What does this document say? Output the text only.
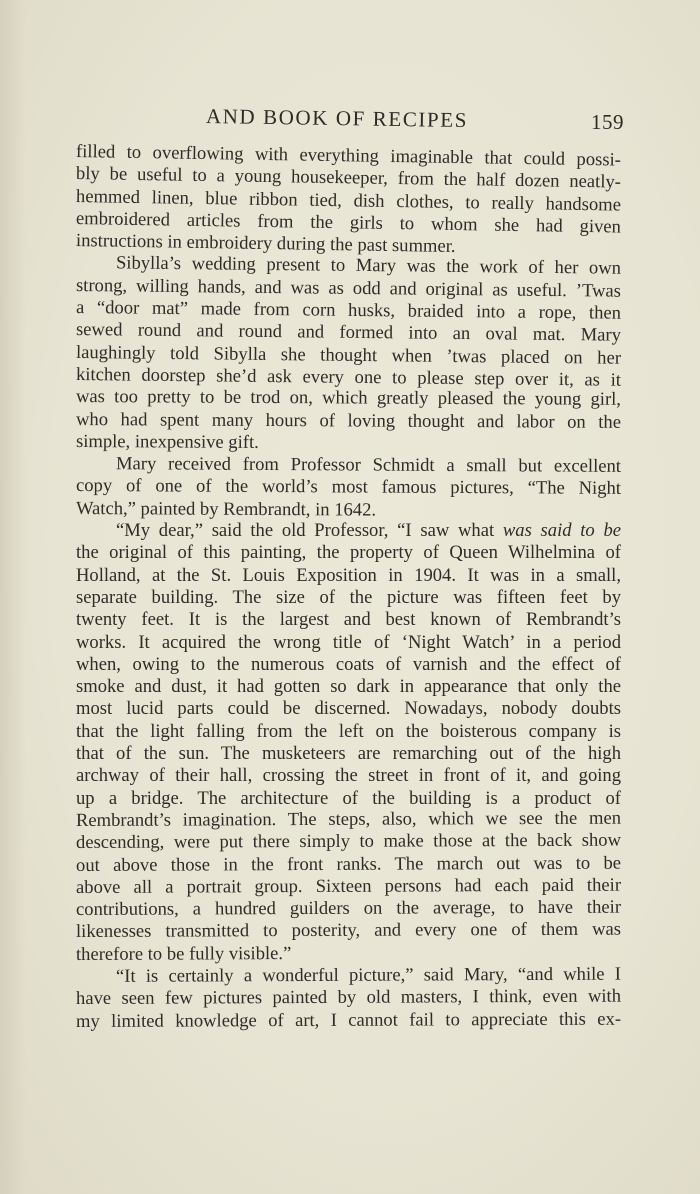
AND BOOK OF RECIPES	159
filled to overflowing with everything imaginable that could possi-
bly be useful to a young housekeeper, from the half dozen neatly-
hemmed linen, blue ribbon tied, dish clothes, to really handsome
embroidered articles from the girls to whom she had given
instructions in embroidery during the past summer.
Sibylla’s wedding present to Mary was the work of her own
strong, willing hands, and was as odd and original as useful. ’Twas
a “door mat” made from corn husks, braided into a rope, then
sewed round and round and formed into an oval mat. Mary
laughingly told Sibylla she thought when ’twas placed on her
kitchen doorstep she’d ask every one to please step over it, as it
was too pretty to be trod on, which greatly pleased the young girl,
who had spent many hours of loving thought and labor on the
simple, inexpensive gift.
Mary received from Professor Schmidt a small but excellent
copy of one of the world’s most famous pictures, “The Night
Watch,” painted by Rembrandt, in 1642.
“My dear,” said the old Professor, “I saw what was said to be
the original of this painting, the property of Queen Wilhelmina of
Holland, at the St. Louis Exposition in 1904. It was in a small,
separate building. The size of the picture was fifteen feet by
twenty feet. It is the largest and best known of Rembrandt’s
works. It acquired the wrong title of ‘Night Watch’ in a period
when, owing to the numerous coats of varnish and the effect of
smoke and dust, it had gotten so dark in appearance that only the
most lucid parts could be discerned. Nowadays, nobody doubts
that the light falling from the left on the boisterous company is
that of the sun. The musketeers are remarching out of the high
archway of their hall, crossing the street in front of it, and going
up a bridge. The architecture of the building is a product of
Rembrandt’s imagination. The steps, also, which we see the men
descending, were put there simply to make those at the back show
out above those in the front ranks. The march out was to be
above all a portrait group. Sixteen persons had each paid their
contributions, a hundred guilders on the average, to have their
likenesses transmitted to posterity, and every one of them was
therefore to be fully visible.”
“It is certainly a wonderful picture,” said Mary, “and while I
have seen few pictures painted by old masters, I think, even with
my limited knowledge of art, I cannot fail to appreciate this ex-
